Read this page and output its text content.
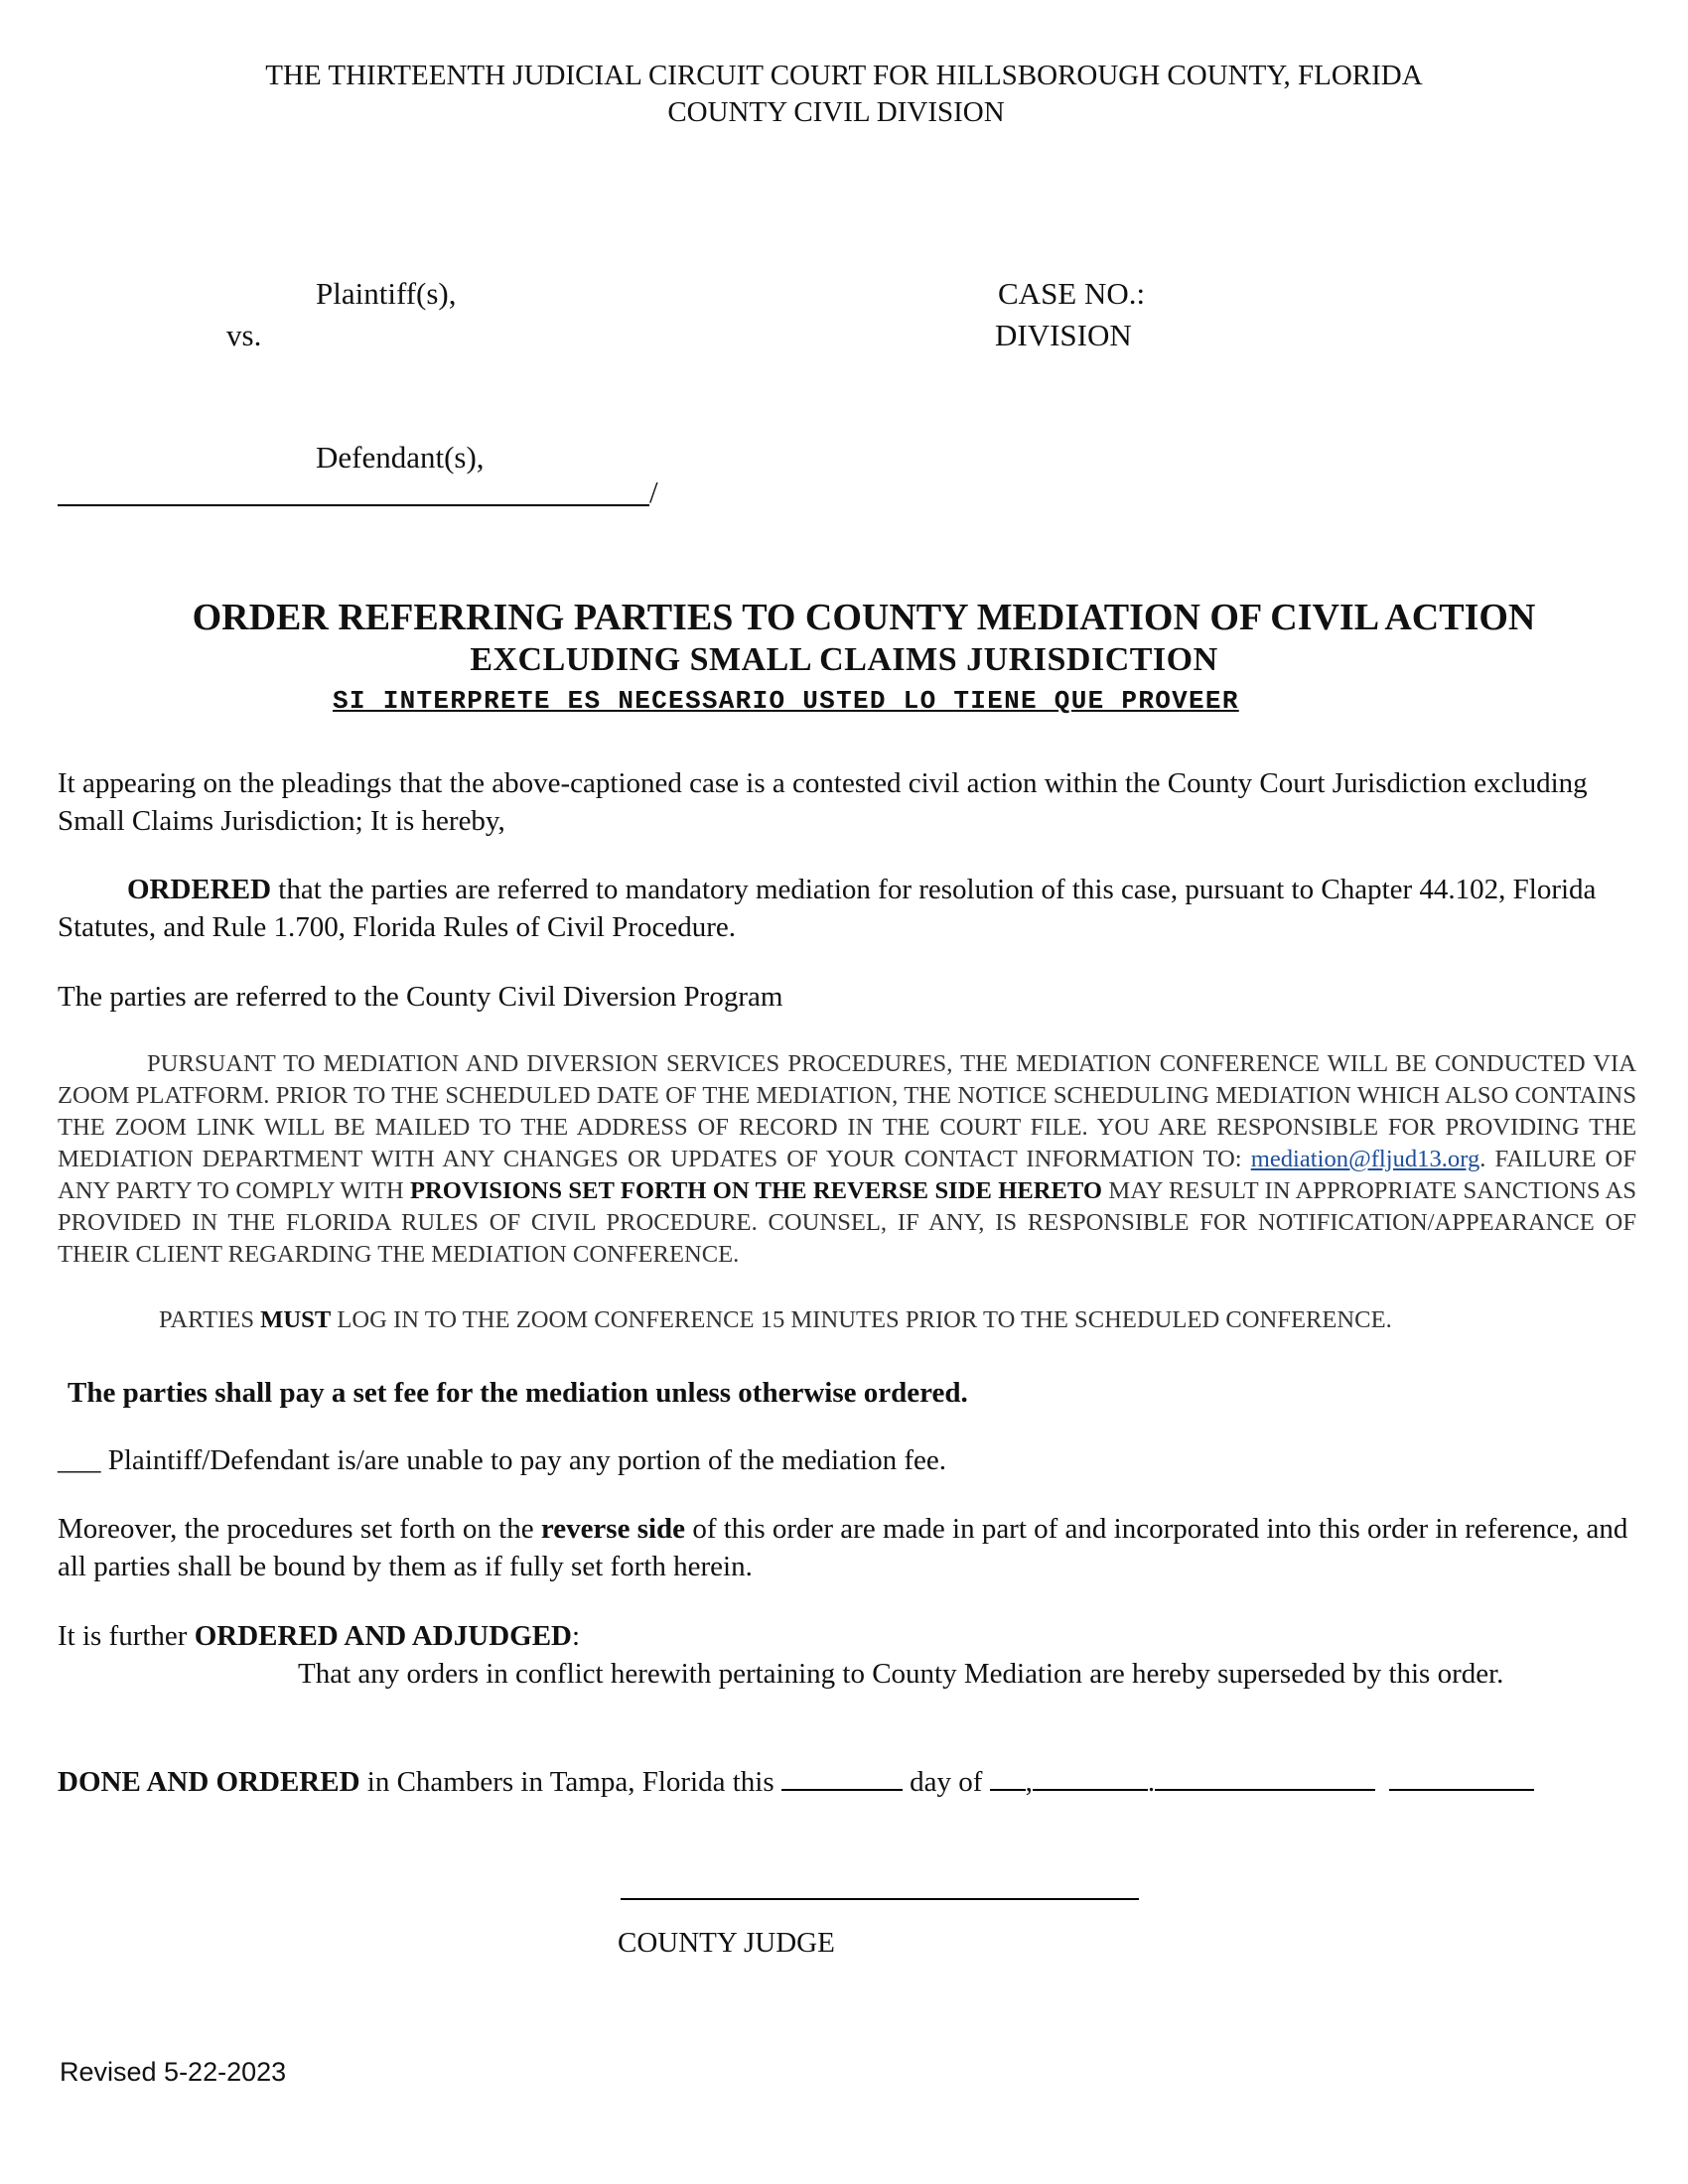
THE THIRTEENTH JUDICIAL CIRCUIT COURT FOR HILLSBOROUGH COUNTY, FLORIDA
COUNTY CIVIL DIVISION
Plaintiff(s),
vs.
Defendant(s),
/
CASE NO.:
DIVISION
ORDER REFERRING PARTIES TO COUNTY MEDIATION OF CIVIL ACTION
EXCLUDING SMALL CLAIMS JURISDICTION
SI INTERPRETE ES NECESSARIO USTED LO TIENE QUE PROVEER
It appearing on the pleadings that the above-captioned case is a contested civil action within the County Court Jurisdiction excluding Small Claims Jurisdiction; It is hereby,
ORDERED that the parties are referred to mandatory mediation for resolution of this case, pursuant to Chapter 44.102, Florida Statutes, and Rule 1.700, Florida Rules of Civil Procedure.
The parties are referred to the County Civil Diversion Program
PURSUANT TO MEDIATION AND DIVERSION SERVICES PROCEDURES, THE MEDIATION CONFERENCE WILL BE CONDUCTED VIA ZOOM PLATFORM. PRIOR TO THE SCHEDULED DATE OF THE MEDIATION, THE NOTICE SCHEDULING MEDIATION WHICH ALSO CONTAINS THE ZOOM LINK WILL BE MAILED TO THE ADDRESS OF RECORD IN THE COURT FILE. YOU ARE RESPONSIBLE FOR PROVIDING THE MEDIATION DEPARTMENT WITH ANY CHANGES OR UPDATES OF YOUR CONTACT INFORMATION TO: mediation@fljud13.org. FAILURE OF ANY PARTY TO COMPLY WITH PROVISIONS SET FORTH ON THE REVERSE SIDE HERETO MAY RESULT IN APPROPRIATE SANCTIONS AS PROVIDED IN THE FLORIDA RULES OF CIVIL PROCEDURE. COUNSEL, IF ANY, IS RESPONSIBLE FOR NOTIFICATION/APPEARANCE OF THEIR CLIENT REGARDING THE MEDIATION CONFERENCE.
PARTIES MUST LOG IN TO THE ZOOM CONFERENCE 15 MINUTES PRIOR TO THE SCHEDULED CONFERENCE.
The parties shall pay a set fee for the mediation unless otherwise ordered.
___ Plaintiff/Defendant is/are unable to pay any portion of the mediation fee.
Moreover, the procedures set forth on the reverse side of this order are made in part of and incorporated into this order in reference, and all parties shall be bound by them as if fully set forth herein.
It is further ORDERED AND ADJUDGED:
That any orders in conflict herewith pertaining to County Mediation are hereby superseded by this order.
DONE AND ORDERED in Chambers in Tampa, Florida this	day of ,	.
COUNTY JUDGE
Revised 5-22-2023
